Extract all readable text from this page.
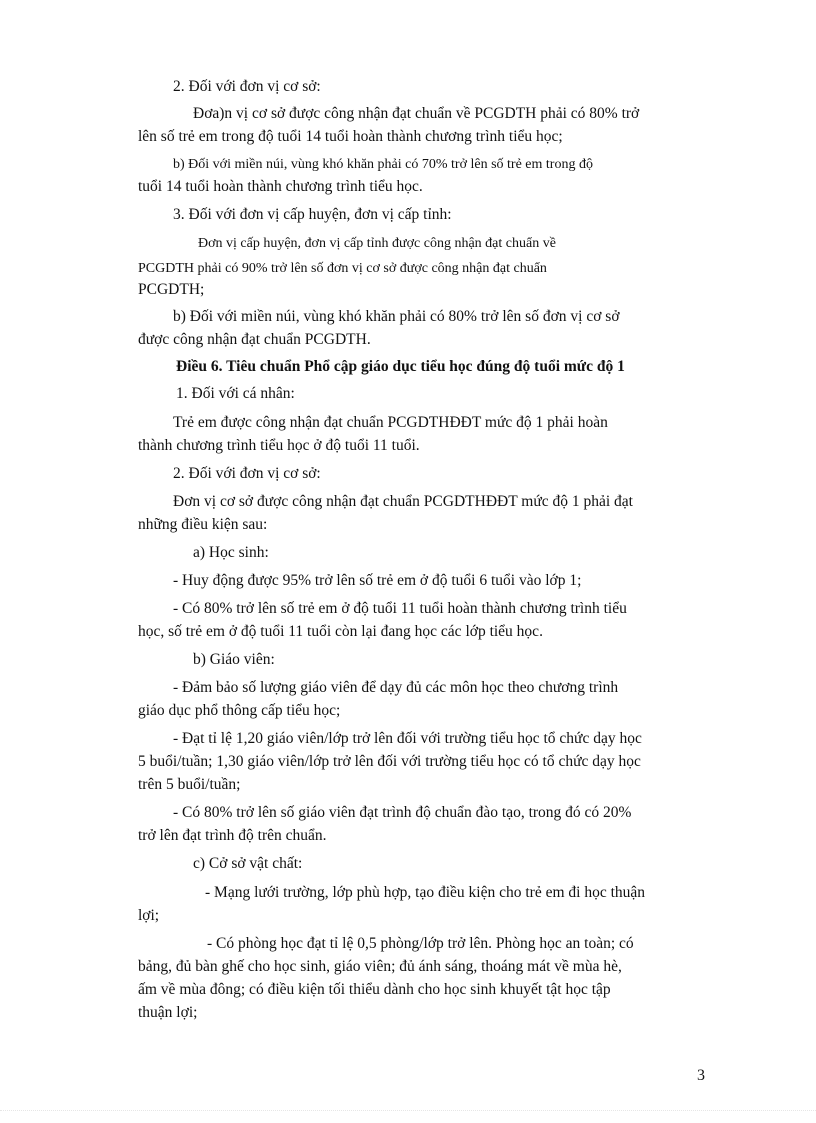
2. Đối với đơn vị cơ sở:

Đơa)n vị cơ sở được công nhận đạt chuẩn về PCGDTH phải có 80% trở

lên số trẻ em trong độ tuổi 14 tuổi hoàn thành chương trình tiểu học;

b) Đối với miền núi, vùng khó khăn phải có 70% trở lên số trẻ em trong độ

tuổi 14 tuổi hoàn thành chương trình tiểu học.

3. Đối với đơn vị cấp huyện, đơn vị cấp tỉnh:

Đơn vị cấp huyện, đơn vị cấp tỉnh được công nhận đạt chuẩn về

PCGDTH phải có 90% trở lên số đơn vị cơ sở được công nhận đạt chuẩn

PCGDTH;

b) Đối với miền núi, vùng khó khăn phải có 80% trở lên số đơn vị cơ sở

được công nhận đạt chuẩn PCGDTH.

Điều 6. Tiêu chuẩn Phổ cập giáo dục tiểu học đúng độ tuổi mức độ 1

1. Đối với cá nhân:

Trẻ em được công nhận đạt chuẩn PCGDTHĐĐT mức độ 1 phải hoàn

thành chương trình tiểu học ở độ tuổi 11 tuổi.

2. Đối với đơn vị cơ sở:

Đơn vị cơ sở được công nhận đạt chuẩn PCGDTHĐĐT mức độ 1 phải đạt

những điều kiện sau:

a) Học sinh:

- Huy động được 95% trở lên số trẻ em ở độ tuổi 6 tuổi vào lớp 1;

- Có 80% trở lên số trẻ em ở độ tuổi 11 tuổi hoàn thành chương trình tiểu

học, số trẻ em ở độ tuổi 11 tuổi còn lại đang học các lớp tiểu học.

b) Giáo viên:

- Đảm bảo số lượng giáo viên để dạy đủ các môn học theo chương trình

giáo dục phổ thông cấp tiểu học;

- Đạt tỉ lệ 1,20 giáo viên/lớp trở lên đối với trường tiểu học tổ chức dạy học

5 buổi/tuần; 1,30 giáo viên/lớp trở lên đối với trường tiểu học có tổ chức dạy học

trên 5 buổi/tuần;

- Có 80% trở lên số giáo viên đạt trình độ chuẩn đào tạo, trong đó có 20%

trở lên đạt trình độ trên chuẩn.

c) Cở sở vật chất:

- Mạng lưới trường, lớp phù hợp, tạo điều kiện cho trẻ em đi học thuận

lợi;

- Có phòng học đạt tỉ lệ 0,5 phòng/lớp trở lên. Phòng học an toàn; có

bảng, đủ bàn ghế cho học sinh, giáo viên; đủ ánh sáng, thoáng mát về mùa hè,

ấm về mùa đông; có điều kiện tối thiểu dành cho học sinh khuyết tật học tập

thuận lợi;

3
